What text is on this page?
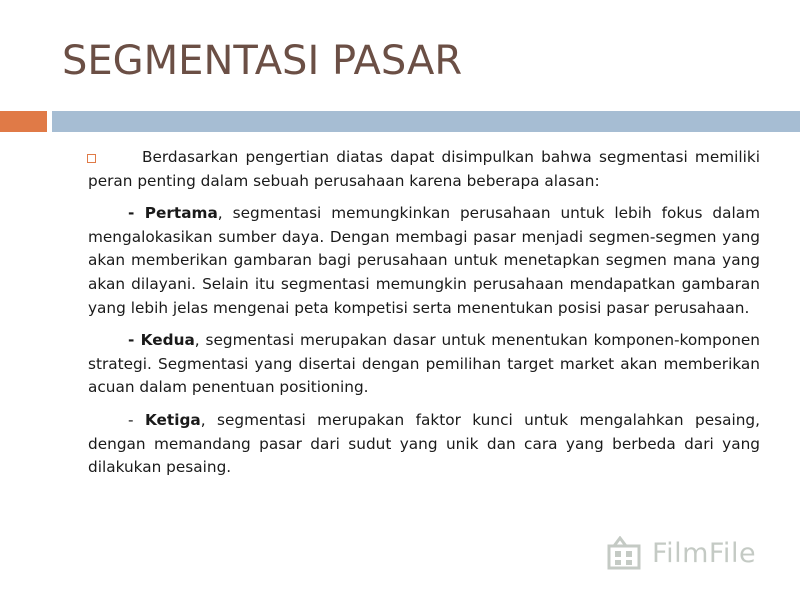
SEGMENTASI PASAR

Berdasarkan pengertian diatas dapat disimpulkan bahwa segmentasi memiliki peran penting dalam sebuah perusahaan karena beberapa alasan:

- Pertama, segmentasi memungkinkan perusahaan untuk lebih fokus dalam mengalokasikan sumber daya. Dengan membagi pasar menjadi segmen-segmen yang akan memberikan gambaran bagi perusahaan untuk menetapkan segmen mana yang akan dilayani. Selain itu segmentasi memungkin perusahaan mendapatkan gambaran yang lebih jelas mengenai peta kompetisi serta menentukan posisi pasar perusahaan.

- Kedua, segmentasi merupakan dasar untuk menentukan komponen-komponen strategi. Segmentasi yang disertai dengan pemilihan target market akan memberikan acuan dalam penentuan positioning.

- Ketiga, segmentasi merupakan faktor kunci untuk mengalahkan pesaing, dengan memandang pasar dari sudut yang unik dan cara yang berbeda dari yang dilakukan pesaing.

FilmFile
